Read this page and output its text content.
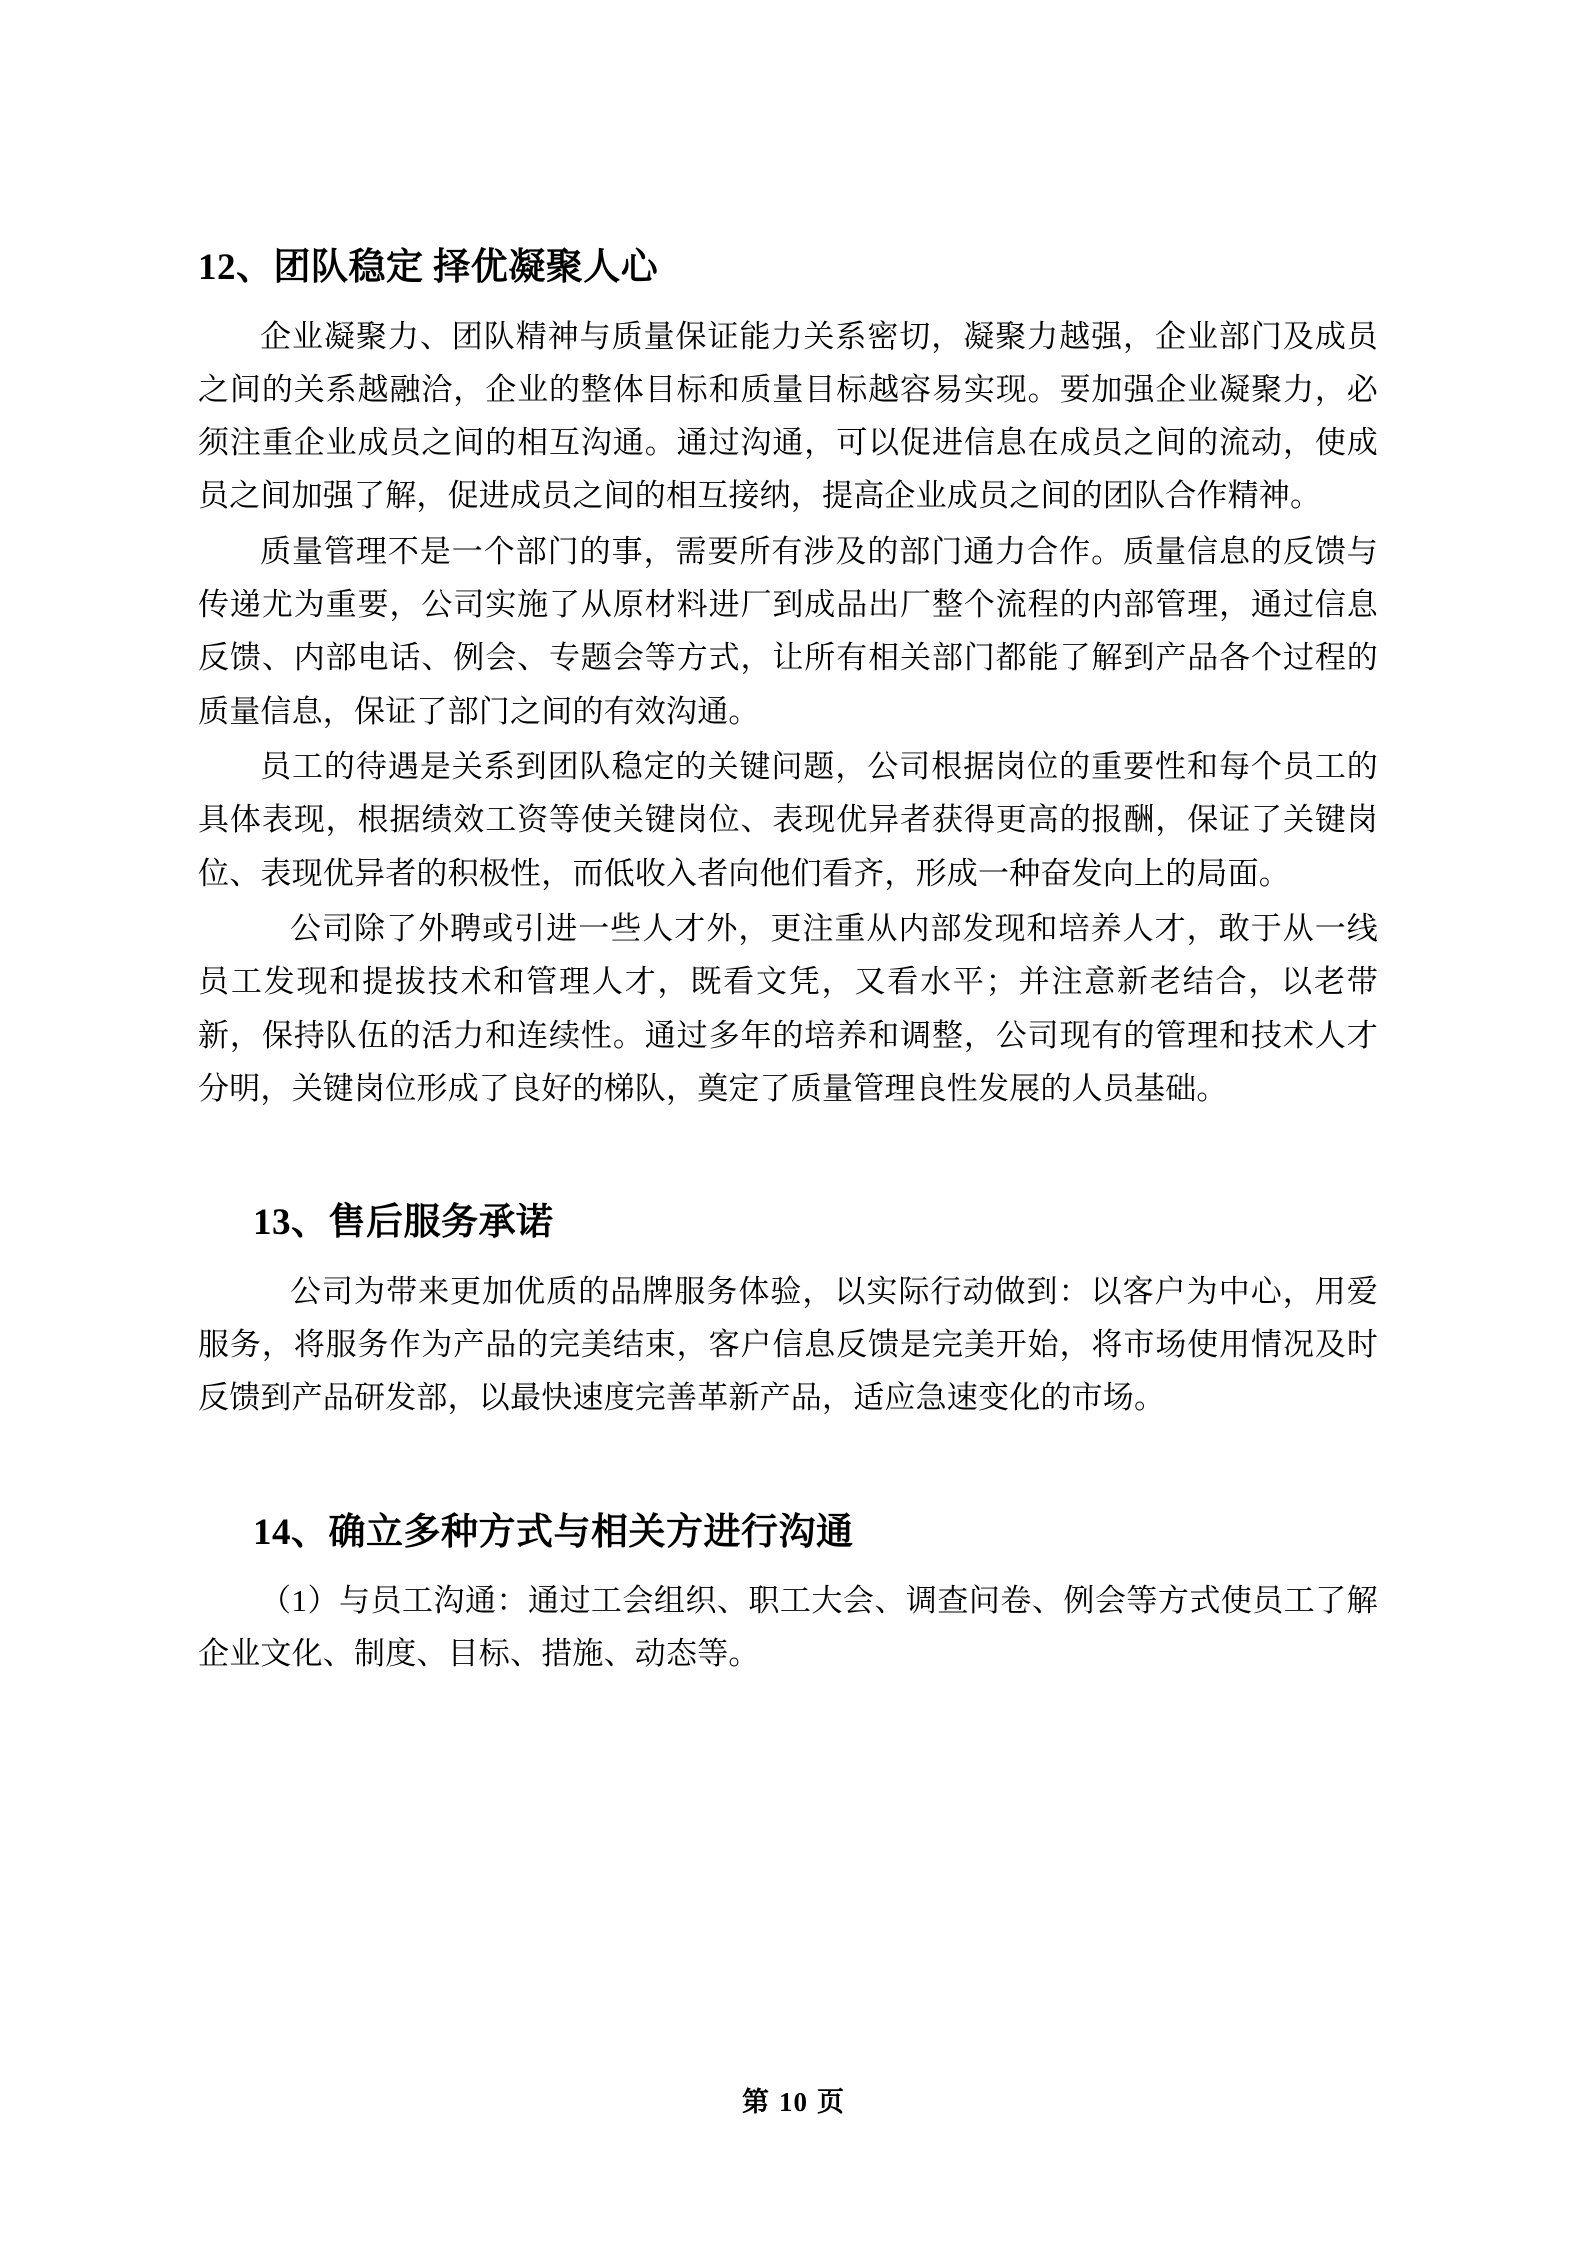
12、团队稳定 择优凝聚人心

企业凝聚力、团队精神与质量保证能力关系密切，凝聚力越强，企业部门及成员之间的关系越融洽，企业的整体目标和质量目标越容易实现。要加强企业凝聚力，必须注重企业成员之间的相互沟通。通过沟通，可以促进信息在成员之间的流动，使成员之间加强了解，促进成员之间的相互接纳，提高企业成员之间的团队合作精神。

质量管理不是一个部门的事，需要所有涉及的部门通力合作。质量信息的反馈与传递尤为重要，公司实施了从原材料进厂到成品出厂整个流程的内部管理，通过信息反馈、内部电话、例会、专题会等方式，让所有相关部门都能了解到产品各个过程的质量信息，保证了部门之间的有效沟通。

员工的待遇是关系到团队稳定的关键问题，公司根据岗位的重要性和每个员工的具体表现，根据绩效工资等使关键岗位、表现优异者获得更高的报酬，保证了关键岗位、表现优异者的积极性，而低收入者向他们看齐，形成一种奋发向上的局面。

公司除了外聘或引进一些人才外，更注重从内部发现和培养人才，敢于从一线员工发现和提拔技术和管理人才，既看文凭，又看水平；并注意新老结合，以老带新，保持队伍的活力和连续性。通过多年的培养和调整，公司现有的管理和技术人才分明，关键岗位形成了良好的梯队，奠定了质量管理良性发展的人员基础。

13、售后服务承诺

公司为带来更加优质的品牌服务体验，以实际行动做到：以客户为中心，用爱服务，将服务作为产品的完美结束，客户信息反馈是完美开始，将市场使用情况及时反馈到产品研发部，以最快速度完善革新产品，适应急速变化的市场。

14、确立多种方式与相关方进行沟通

（1）与员工沟通：通过工会组织、职工大会、调查问卷、例会等方式使员工了解企业文化、制度、目标、措施、动态等。

第 10 页
